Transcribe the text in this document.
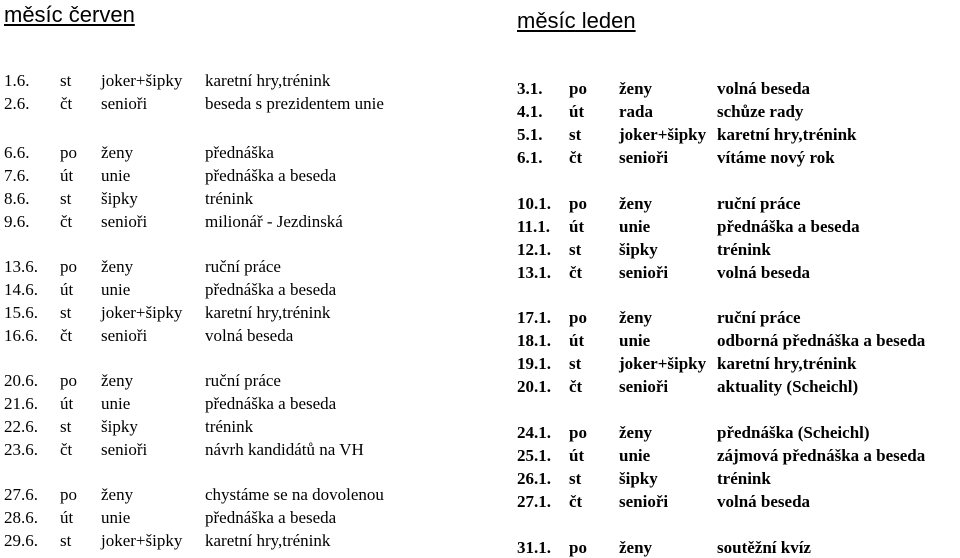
měsíc červen	měsíc leden
1.6. st joker+šipky karetní hry,trénink
2.6. čt senioři	beseda s prezidentem unie
6.6. po ženy	přednáška
7.6. út unie	přednáška a beseda
8.6. st šipky	trénink
9.6. čt senioři	milionář - Jezdinská
13.6. po ženy	ruční práce
14.6. út unie	přednáška a beseda
15.6. st joker+šipky karetní hry,trénink
16.6. čt senioři	volná beseda
20.6. po ženy	ruční práce
21.6. út unie	přednáška a beseda
22.6. st šipky	trénink
23.6. čt senioři	návrh kandidátů na VH
27.6. po ženy	chystáme se na dovolenou
28.6. út unie	přednáška a beseda
29.6. st joker+šipky karetní hry,trénink
3.1. po ženy	volná beseda
4.1. út rada	schůze rady
5.1. st joker+šipky karetní hry,trénink
6.1. čt senioři	vítáme nový rok
10.1. po ženy	ruční práce
11.1. út unie	přednáška a beseda
12.1. st šipky	trénink
13.1. čt senioři	volná beseda
17.1. po ženy	ruční práce
18.1. út unie	odborná přednáška a beseda
19.1. st joker+šipky karetní hry,trénink
20.1. čt senioři	aktuality (Scheichl)
24.1. po ženy	přednáška (Scheichl)
25.1. út unie	zájmová přednáška a beseda
26.1. st šipky	trénink
27.1. čt senioři	volná beseda
31.1. po ženy	soutěžní kvíz
